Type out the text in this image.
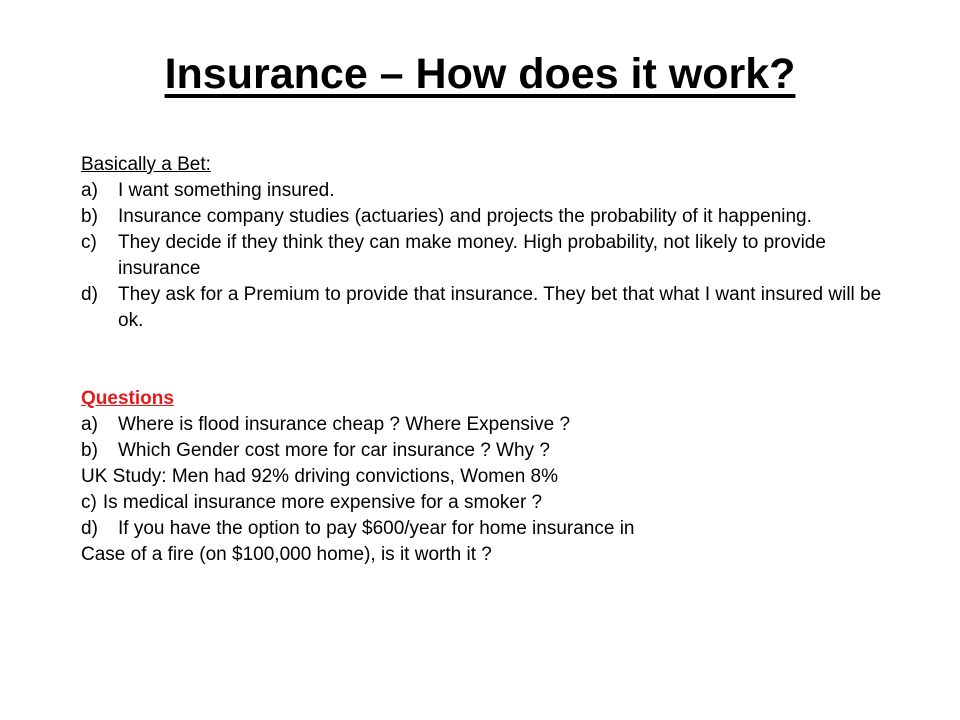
Insurance – How does it work?

Basically a Bet:

a)	I want something insured.
b)	Insurance company studies (actuaries) and projects the probability of it happening.
c)	They decide if they think they can make money. High probability, not likely to provide insurance
d)	They ask for a Premium to provide that insurance. They bet that what I want insured will be ok.

Questions

a)	Where is flood insurance cheap ? Where Expensive ?
b)	Which Gender cost more for car insurance ? Why ?

UK Study: Men had 92% driving convictions, Women 8%

c) Is medical insurance more expensive for a smoker ?

d)	If you have the option to pay $600/year for home insurance in

Case of a fire (on $100,000 home), is it worth it ?
